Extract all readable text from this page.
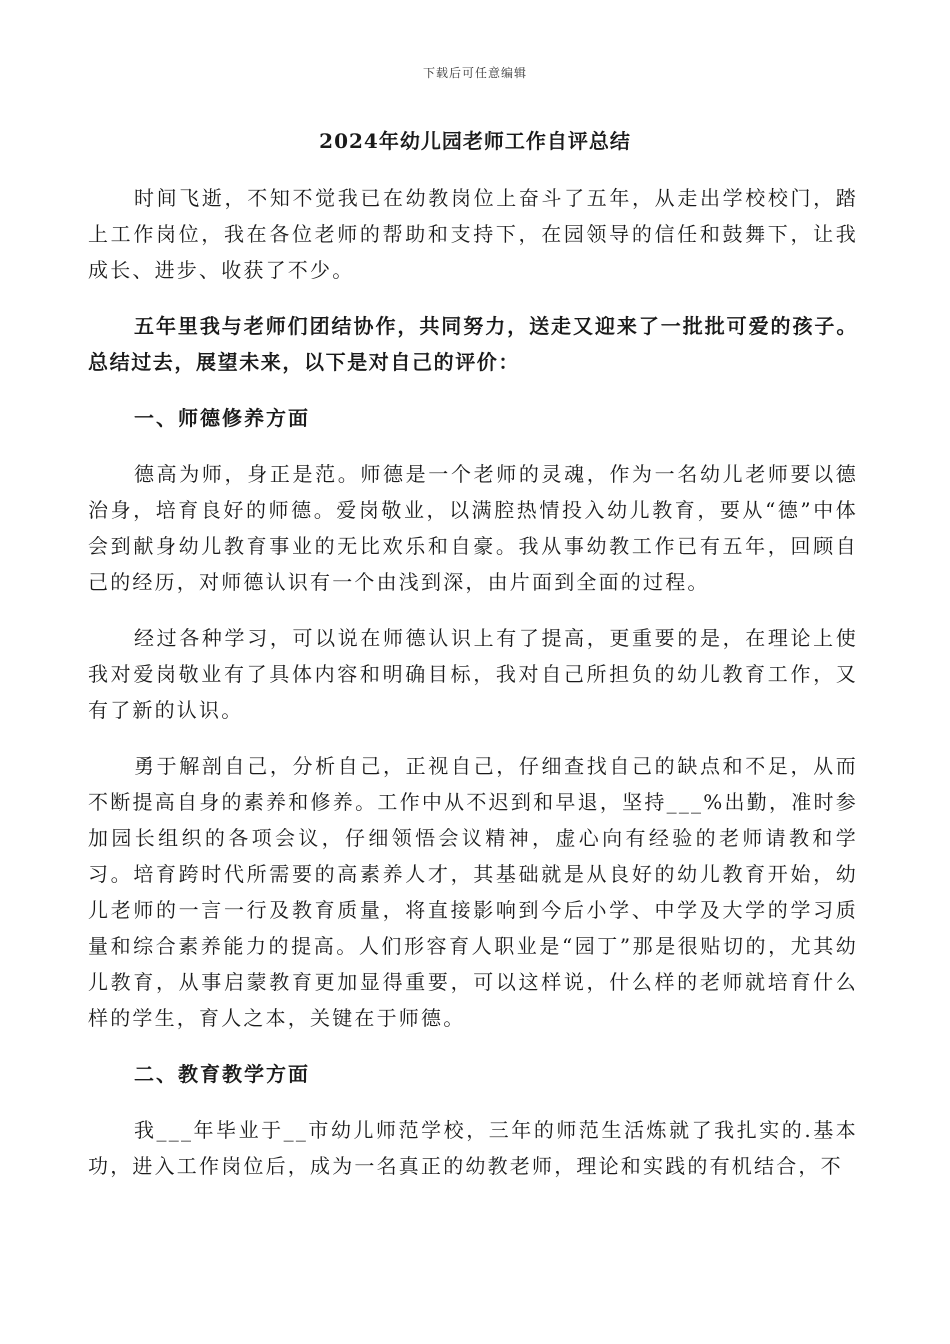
下载后可任意编辑
2024年幼儿园老师工作自评总结

时间飞逝，不知不觉我已在幼教岗位上奋斗了五年，从走出学校校门，踏上工作岗位，我在各位老师的帮助和支持下，在园领导的信任和鼓舞下，让我成长、进步、收获了不少。

五年里我与老师们团结协作，共同努力，送走又迎来了一批批可爱的孩子。总结过去，展望未来，以下是对自己的评价：

一、师德修养方面

德高为师，身正是范。师德是一个老师的灵魂，作为一名幼儿老师要以德治身，培育良好的师德。爱岗敬业，以满腔热情投入幼儿教育，要从“德”中体会到献身幼儿教育事业的无比欢乐和自豪。我从事幼教工作已有五年，回顾自己的经历，对师德认识有一个由浅到深，由片面到全面的过程。

经过各种学习，可以说在师德认识上有了提高，更重要的是，在理论上使我对爱岗敬业有了具体内容和明确目标，我对自己所担负的幼儿教育工作，又有了新的认识。

勇于解剖自己，分析自己，正视自己，仔细查找自己的缺点和不足，从而不断提高自身的素养和修养。工作中从不迟到和早退，坚持___%出勤，准时参加园长组织的各项会议，仔细领悟会议精神，虚心向有经验的老师请教和学习。培育跨时代所需要的高素养人才，其基础就是从良好的幼儿教育开始，幼儿老师的一言一行及教育质量，将直接影响到今后小学、中学及大学的学习质量和综合素养能力的提高。人们形容育人职业是“园丁”那是很贴切的，尤其幼儿教育，从事启蒙教育更加显得重要，可以这样说，什么样的老师就培育什么样的学生，育人之本，关键在于师德。

二、教育教学方面

我___年毕业于__市幼儿师范学校，三年的师范生活炼就了我扎实的.基本功，进入工作岗位后，成为一名真正的幼教老师，理论和实践的有机结合，不
